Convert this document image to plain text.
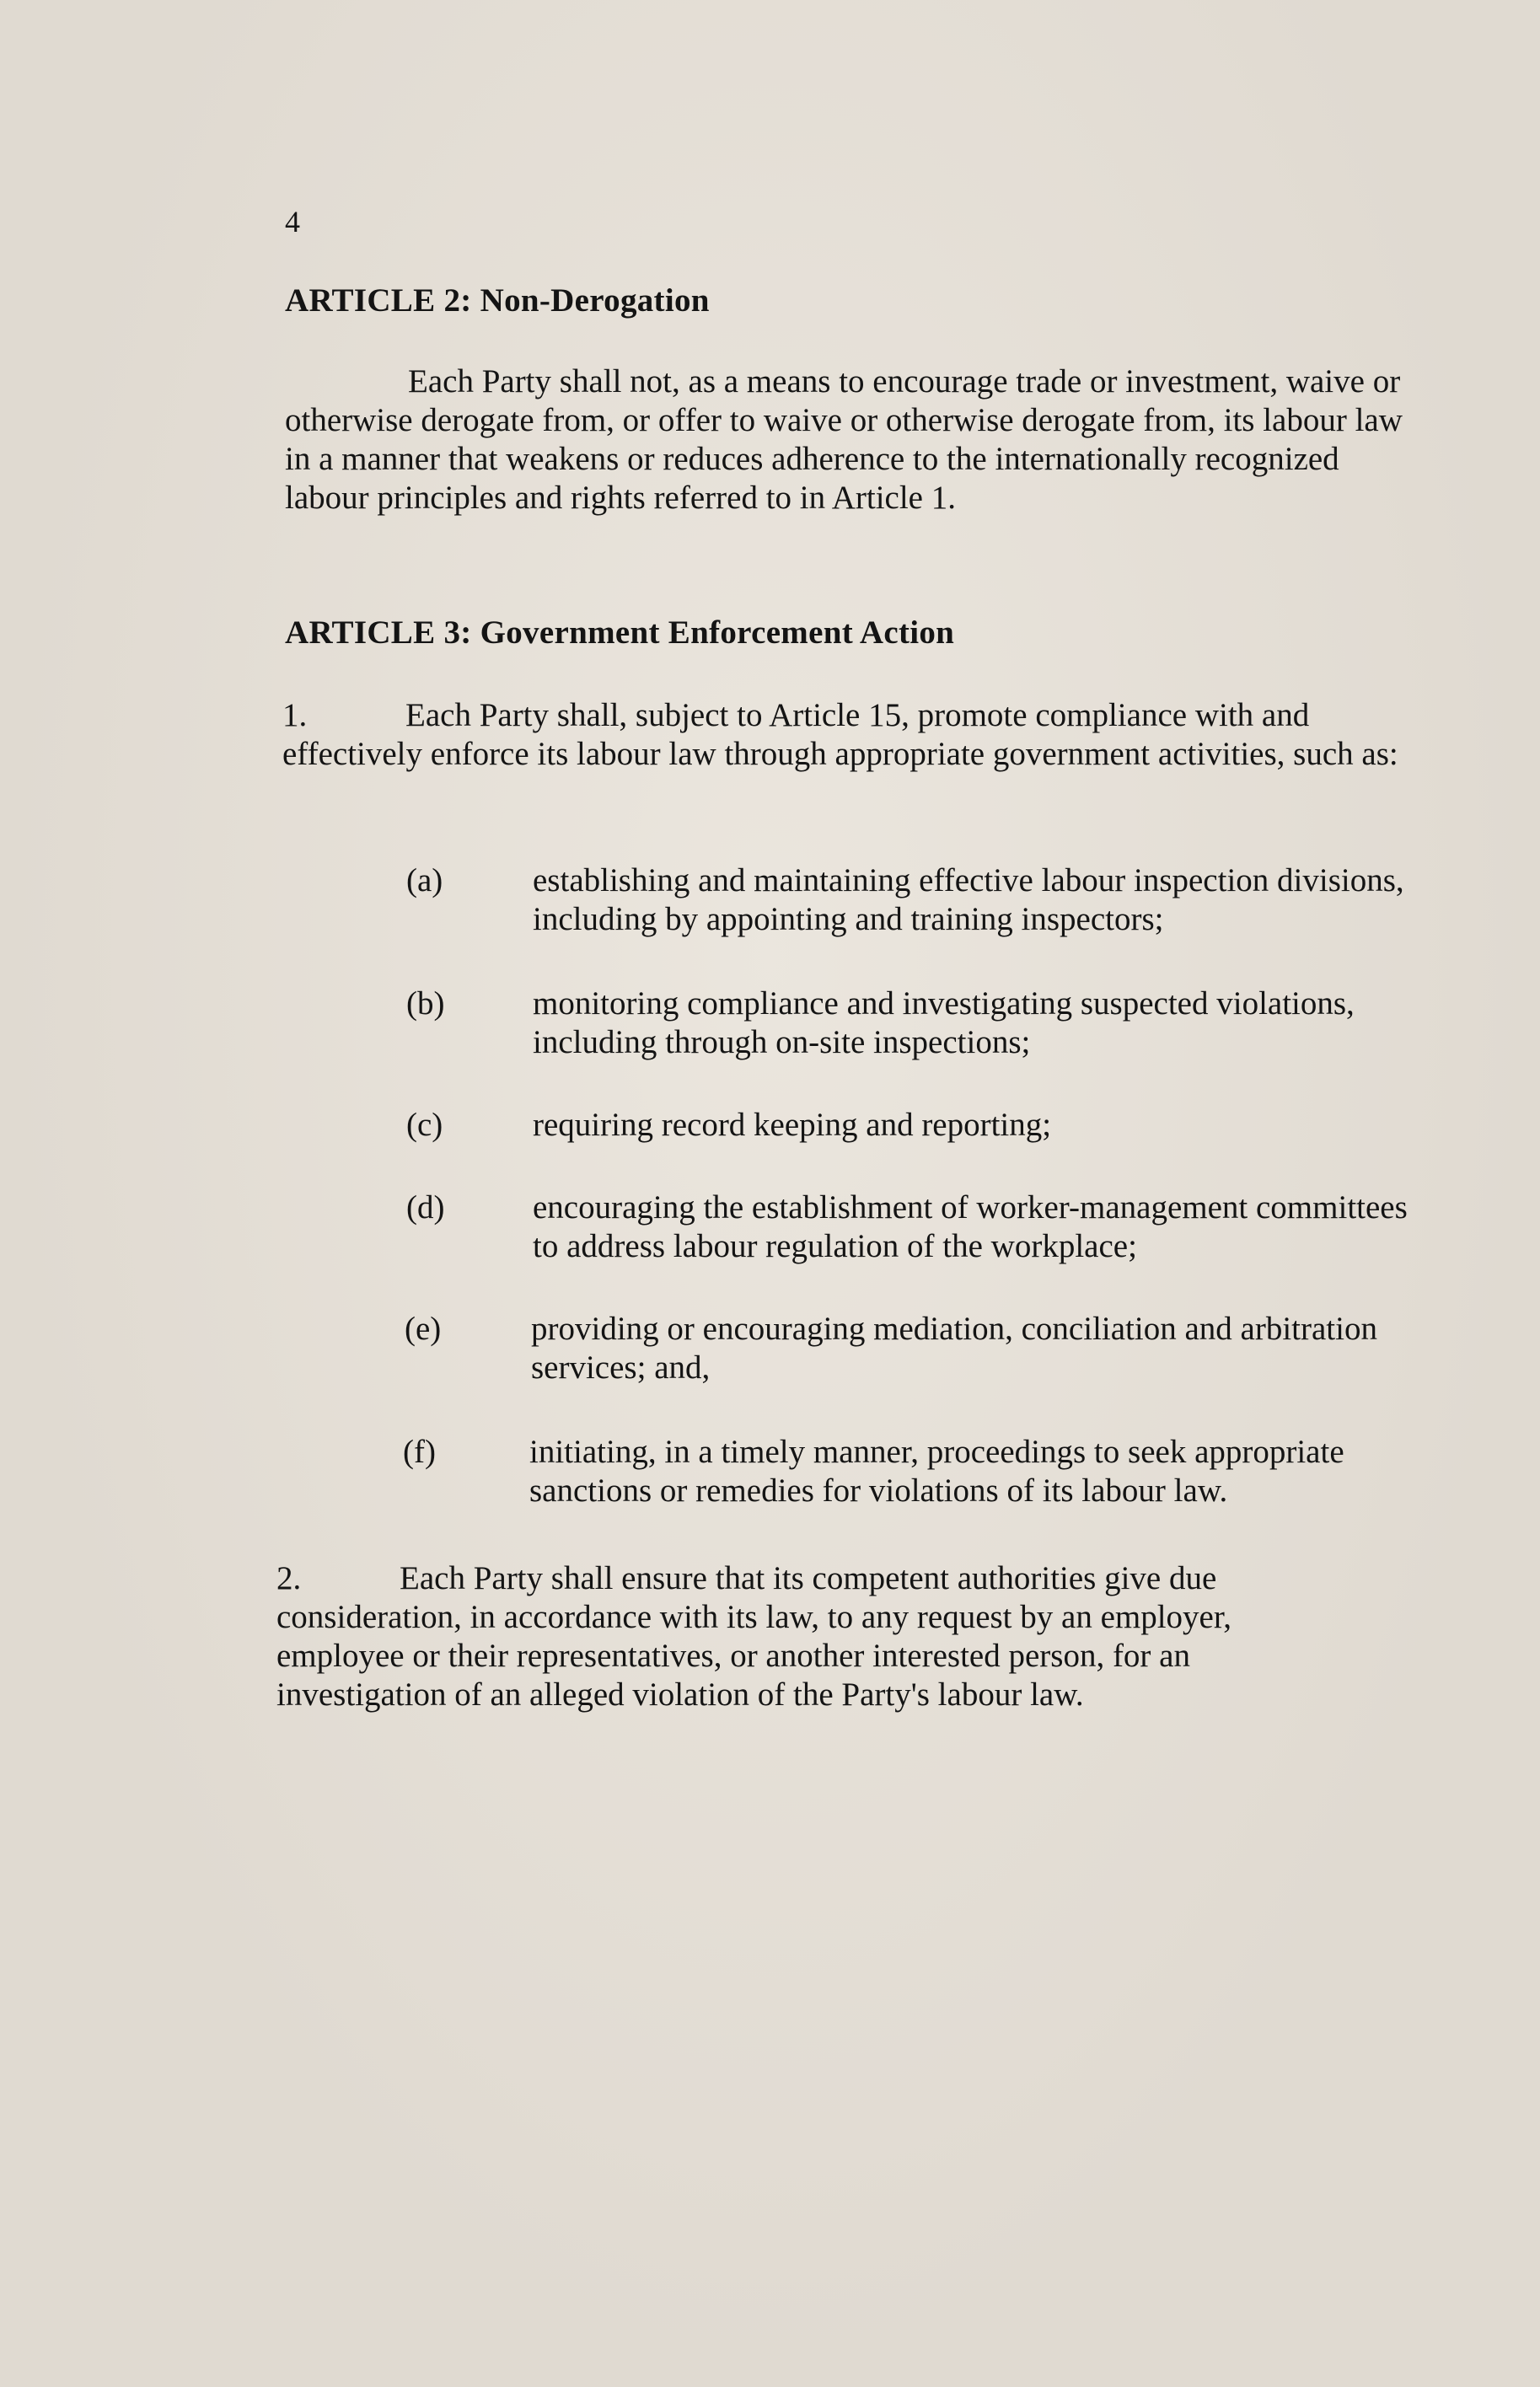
4
ARTICLE 2: Non-Derogation
Each Party shall not, as a means to encourage trade or investment, waive or otherwise derogate from, or offer to waive or otherwise derogate from, its labour law in a manner that weakens or reduces adherence to the internationally recognized labour principles and rights referred to in Article 1.
ARTICLE 3: Government Enforcement Action
1.	Each Party shall, subject to Article 15, promote compliance with and effectively enforce its labour law through appropriate government activities, such as:
(a)	establishing and maintaining effective labour inspection divisions, including by appointing and training inspectors;
(b)	monitoring compliance and investigating suspected violations, including through on-site inspections;
(c)	requiring record keeping and reporting;
(d)	encouraging the establishment of worker-management committees to address labour regulation of the workplace;
(e)	providing or encouraging mediation, conciliation and arbitration services; and,
(f)	initiating, in a timely manner, proceedings to seek appropriate sanctions or remedies for violations of its labour law.
2.	Each Party shall ensure that its competent authorities give due consideration, in accordance with its law, to any request by an employer, employee or their representatives, or another interested person, for an investigation of an alleged violation of the Party's labour law.
